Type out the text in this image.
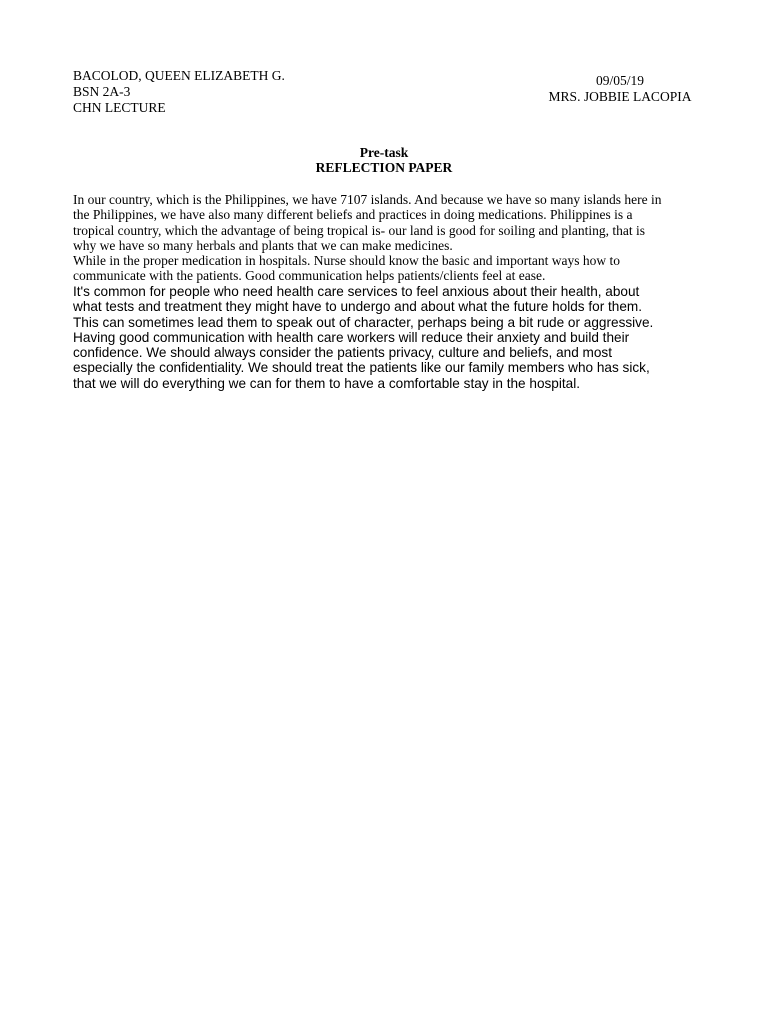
BACOLOD, QUEEN ELIZABETH G.
BSN 2A-3
CHN LECTURE
09/05/19
MRS. JOBBIE LACOPIA
Pre-task
REFLECTION PAPER
In our country, which is the Philippines, we have 7107 islands. And because we have so many islands here in
the Philippines, we have also many different beliefs and practices in doing medications. Philippines is a
tropical country, which the advantage of being tropical is- our land is good for soiling and planting, that is
why we have so many herbals and plants that we can make medicines.
While in the proper medication in hospitals. Nurse should know the basic and important ways how to
communicate with the patients. Good communication helps patients/clients feel at ease.
It's common for people who need health care services to feel anxious about their health, about
what tests and treatment they might have to undergo and about what the future holds for them.
This can sometimes lead them to speak out of character, perhaps being a bit rude or aggressive.
Having good communication with health care workers will reduce their anxiety and build their
confidence. We should always consider the patients privacy, culture and beliefs, and most
especially the confidentiality. We should treat the patients like our family members who has sick,
that we will do everything we can for them to have a comfortable stay in the hospital.
